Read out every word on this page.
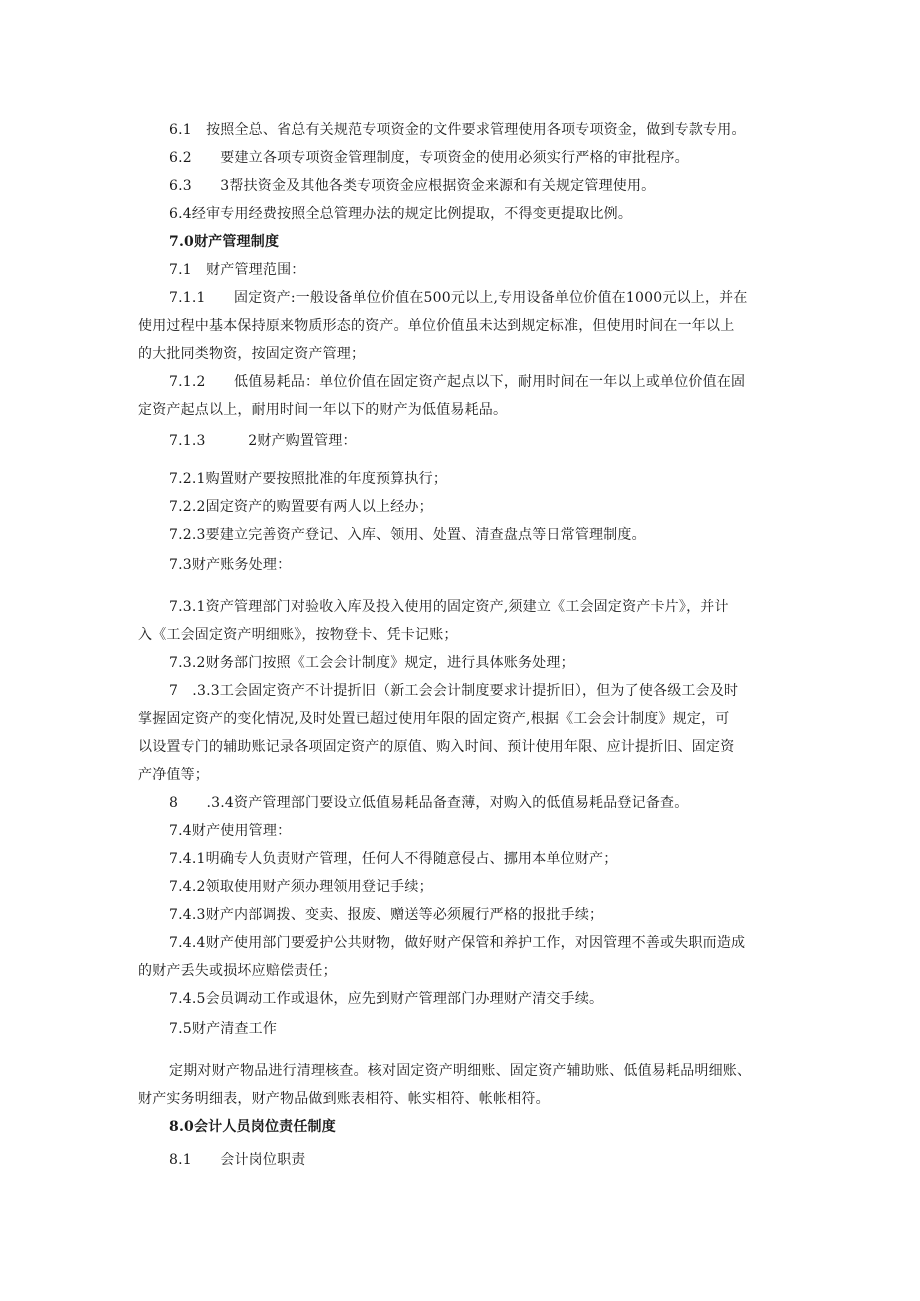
6.1　按照全总、省总有关规范专项资金的文件要求管理使用各项专项资金，做到专款专用。
6.2　　要建立各项专项资金管理制度，专项资金的使用必须实行严格的审批程序。
6.3　　3帮扶资金及其他各类专项资金应根据资金来源和有关规定管理使用。
6.4经审专用经费按照全总管理办法的规定比例提取，不得变更提取比例。
7.0财产管理制度
7.1　财产管理范围：
7.1.1　　固定资产:一般设备单位价值在500元以上,专用设备单位价值在1000元以上，并在
使用过程中基本保持原来物质形态的资产。单位价值虽未达到规定标准，但使用时间在一年以上
的大批同类物资，按固定资产管理；
7.1.2　　低值易耗品：单位价值在固定资产起点以下，耐用时间在一年以上或单位价值在固
定资产起点以上，耐用时间一年以下的财产为低值易耗品。
7.1.3　　　2财产购置管理：
7.2.1购置财产要按照批准的年度预算执行；
7.2.2固定资产的购置要有两人以上经办；
7.2.3要建立完善资产登记、入库、领用、处置、清查盘点等日常管理制度。
7.3财产账务处理：
7.3.1资产管理部门对验收入库及投入使用的固定资产,须建立《工会固定资产卡片》，并计
入《工会固定资产明细账》，按物登卡、凭卡记账；
7.3.2财务部门按照《工会会计制度》规定，进行具体账务处理；
7　.3.3工会固定资产不计提折旧（新工会会计制度要求计提折旧），但为了使各级工会及时
掌握固定资产的变化情况,及时处置已超过使用年限的固定资产,根据《工会会计制度》规定，可
以设置专门的辅助账记录各项固定资产的原值、购入时间、预计使用年限、应计提折旧、固定资
产净值等；
8　　.3.4资产管理部门要设立低值易耗品备查薄，对购入的低值易耗品登记备查。
7.4财产使用管理：
7.4.1明确专人负责财产管理，任何人不得随意侵占、挪用本单位财产；
7.4.2领取使用财产须办理领用登记手续；
7.4.3财产内部调拨、变卖、报废、赠送等必须履行严格的报批手续；
7.4.4财产使用部门要爱护公共财物，做好财产保管和养护工作，对因管理不善或失职而造成
的财产丢失或损坏应赔偿责任；
7.4.5会员调动工作或退休，应先到财产管理部门办理财产清交手续。
7.5财产清查工作
定期对财产物品进行清理核查。核对固定资产明细账、固定资产辅助账、低值易耗品明细账、
财产实务明细表，财产物品做到账表相符、帐实相符、帐帐相符。
8.0会计人员岗位责任制度
8.1　　会计岗位职责
